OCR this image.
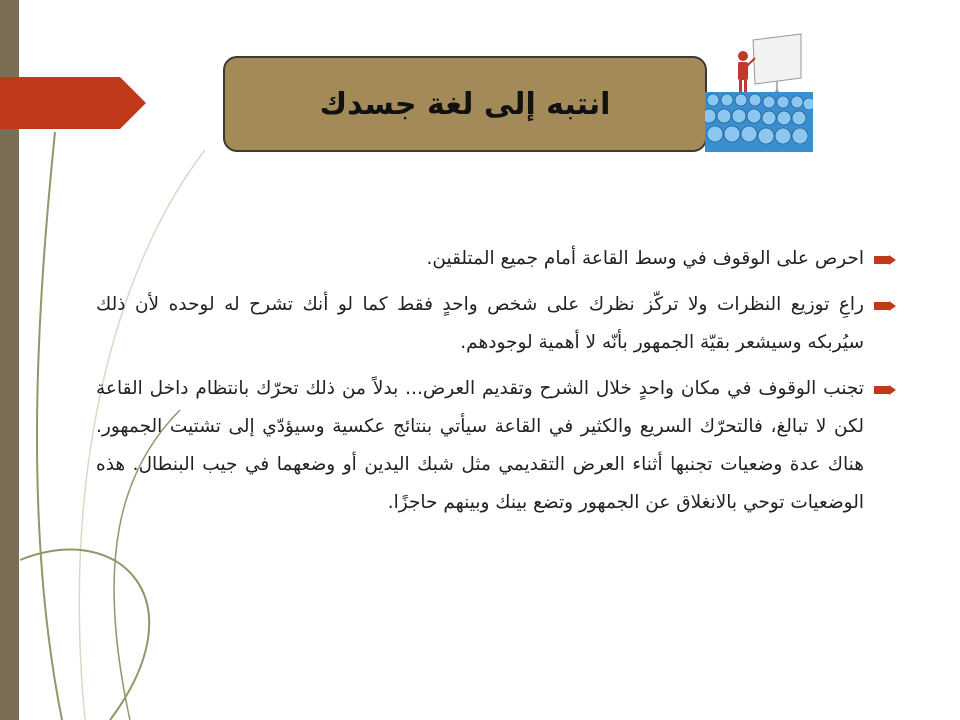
انتبه إلى لغة جسدك
احرص على الوقوف في وسط القاعة أمام جميع المتلقين.
راعِ توزيع النظرات ولا تركّز نظرك على شخص واحدٍ فقط كما لو أنك تشرح له لوحده لأن ذلك سيُربكه وسيشعر بقيّة الجمهور بأنّه لا أهمية لوجودهم.
تجنب الوقوف في مكان واحدٍ خلال الشرح وتقديم العرض... بدلاً من ذلك تحرّك بانتظام داخل القاعة لكن لا تبالغ، فالتحرّك السريع والكثير في القاعة سيأتي بنتائج عكسية وسيؤدّي إلى تشتيت الجمهور. هناك عدة وضعيات تجنبها أثناء العرض التقديمي مثل شبك اليدين أو وضعهما في جيب البنطال. هذه الوضعيات توحي بالانغلاق عن الجمهور وتضع بينك وبينهم حاجزًا.
